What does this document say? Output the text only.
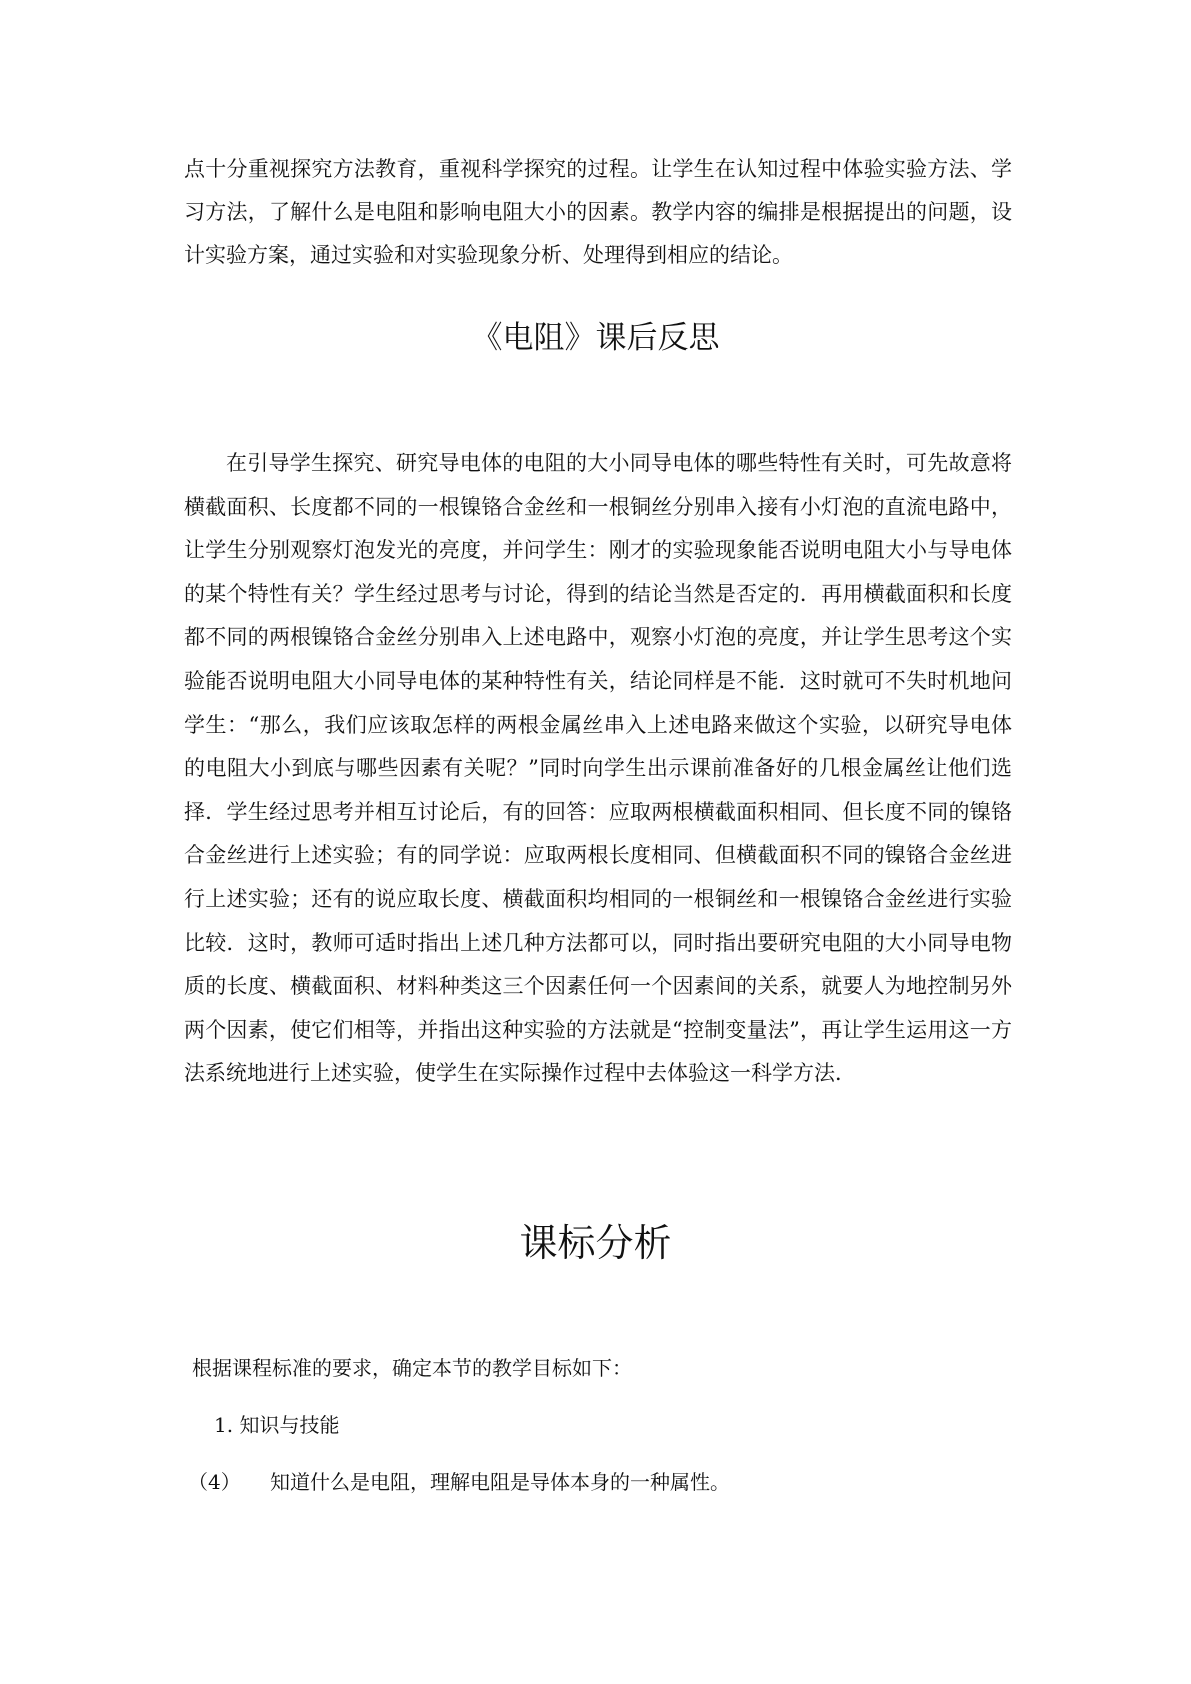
点十分重视探究方法教育，重视科学探究的过程。让学生在认知过程中体验实验方法、学习方法，了解什么是电阻和影响电阻大小的因素。教学内容的编排是根据提出的问题，设计实验方案，通过实验和对实验现象分析、处理得到相应的结论。

《电阻》课后反思

在引导学生探究、研究导电体的电阻的大小同导电体的哪些特性有关时，可先故意将横截面积、长度都不同的一根镍铬合金丝和一根铜丝分别串入接有小灯泡的直流电路中，让学生分别观察灯泡发光的亮度，并问学生：刚才的实验现象能否说明电阻大小与导电体的某个特性有关？学生经过思考与讨论，得到的结论当然是否定的．再用横截面积和长度都不同的两根镍铬合金丝分别串入上述电路中，观察小灯泡的亮度，并让学生思考这个实验能否说明电阻大小同导电体的某种特性有关，结论同样是不能．这时就可不失时机地问学生：“那么，我们应该取怎样的两根金属丝串入上述电路来做这个实验，以研究导电体的电阻大小到底与哪些因素有关呢？”同时向学生出示课前准备好的几根金属丝让他们选择．学生经过思考并相互讨论后，有的回答：应取两根横截面积相同、但长度不同的镍铬合金丝进行上述实验；有的同学说：应取两根长度相同、但横截面积不同的镍铬合金丝进行上述实验；还有的说应取长度、横截面积均相同的一根铜丝和一根镍铬合金丝进行实验比较．这时，教师可适时指出上述几种方法都可以，同时指出要研究电阻的大小同导电物质的长度、横截面积、材料种类这三个因素任何一个因素间的关系，就要人为地控制另外两个因素，使它们相等，并指出这种实验的方法就是“控制变量法”，再让学生运用这一方法系统地进行上述实验，使学生在实际操作过程中去体验这一科学方法．

课标分析

根据课程标准的要求，确定本节的教学目标如下：

1. 知识与技能

（4） 知道什么是电阻，理解电阻是导体本身的一种属性。
